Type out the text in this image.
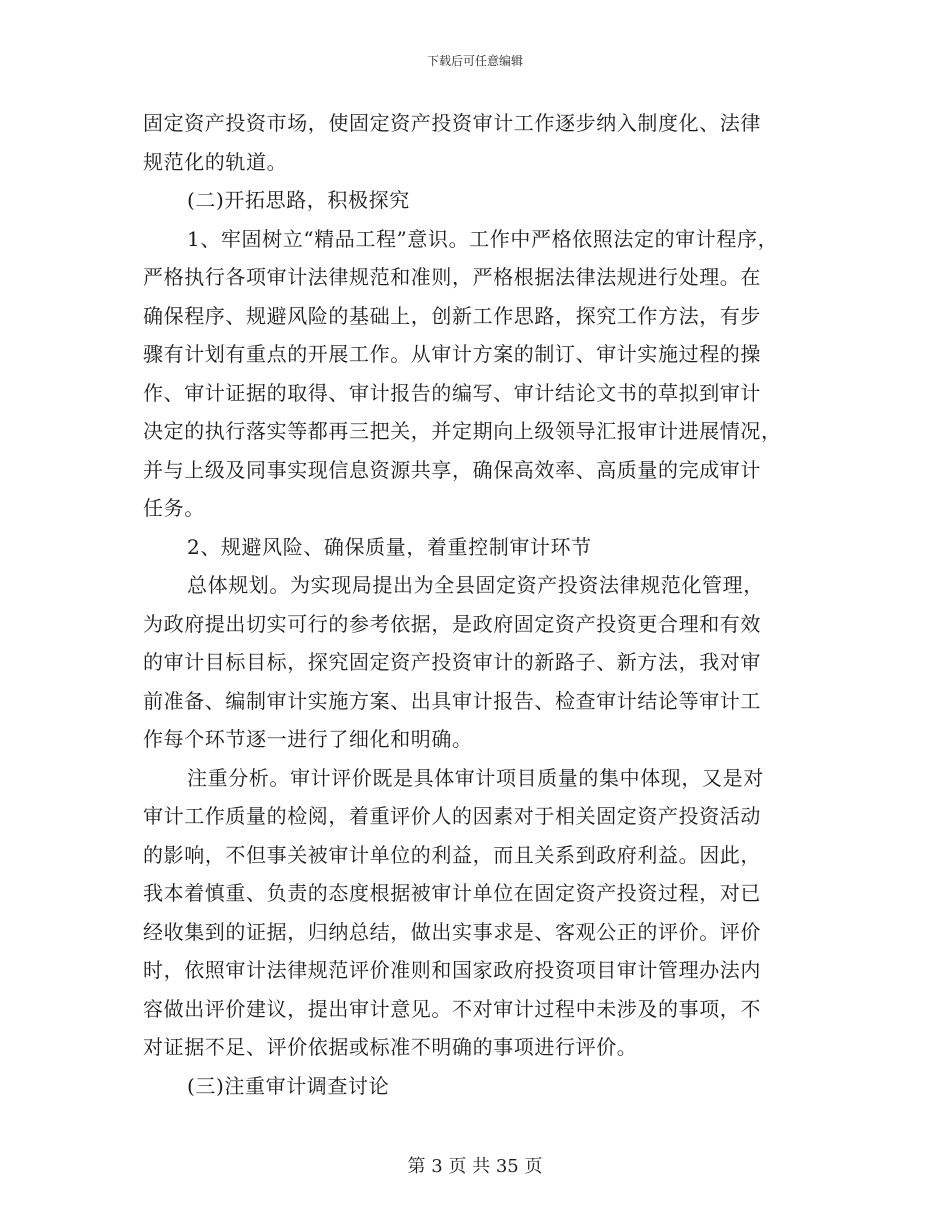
下载后可任意编辑
固定资产投资市场，使固定资产投资审计工作逐步纳入制度化、法律
规范化的轨道。
(二)开拓思路，积极探究
1、牢固树立“精品工程”意识。工作中严格依照法定的审计程序，
严格执行各项审计法律规范和准则，严格根据法律法规进行处理。在
确保程序、规避风险的基础上，创新工作思路，探究工作方法，有步
骤有计划有重点的开展工作。从审计方案的制订、审计实施过程的操
作、审计证据的取得、审计报告的编写、审计结论文书的草拟到审计
决定的执行落实等都再三把关，并定期向上级领导汇报审计进展情况，
并与上级及同事实现信息资源共享，确保高效率、高质量的完成审计
任务。
2、规避风险、确保质量，着重控制审计环节
总体规划。为实现局提出为全县固定资产投资法律规范化管理，
为政府提出切实可行的参考依据，是政府固定资产投资更合理和有效
的审计目标目标，探究固定资产投资审计的新路子、新方法，我对审
前准备、编制审计实施方案、出具审计报告、检查审计结论等审计工
作每个环节逐一进行了细化和明确。
注重分析。审计评价既是具体审计项目质量的集中体现，又是对
审计工作质量的检阅，着重评价人的因素对于相关固定资产投资活动
的影响，不但事关被审计单位的利益，而且关系到政府利益。因此，
我本着慎重、负责的态度根据被审计单位在固定资产投资过程，对已
经收集到的证据，归纳总结，做出实事求是、客观公正的评价。评价
时，依照审计法律规范评价准则和国家政府投资项目审计管理办法内
容做出评价建议，提出审计意见。不对审计过程中未涉及的事项，不
对证据不足、评价依据或标准不明确的事项进行评价。
(三)注重审计调查讨论
第 3 页 共 35 页
